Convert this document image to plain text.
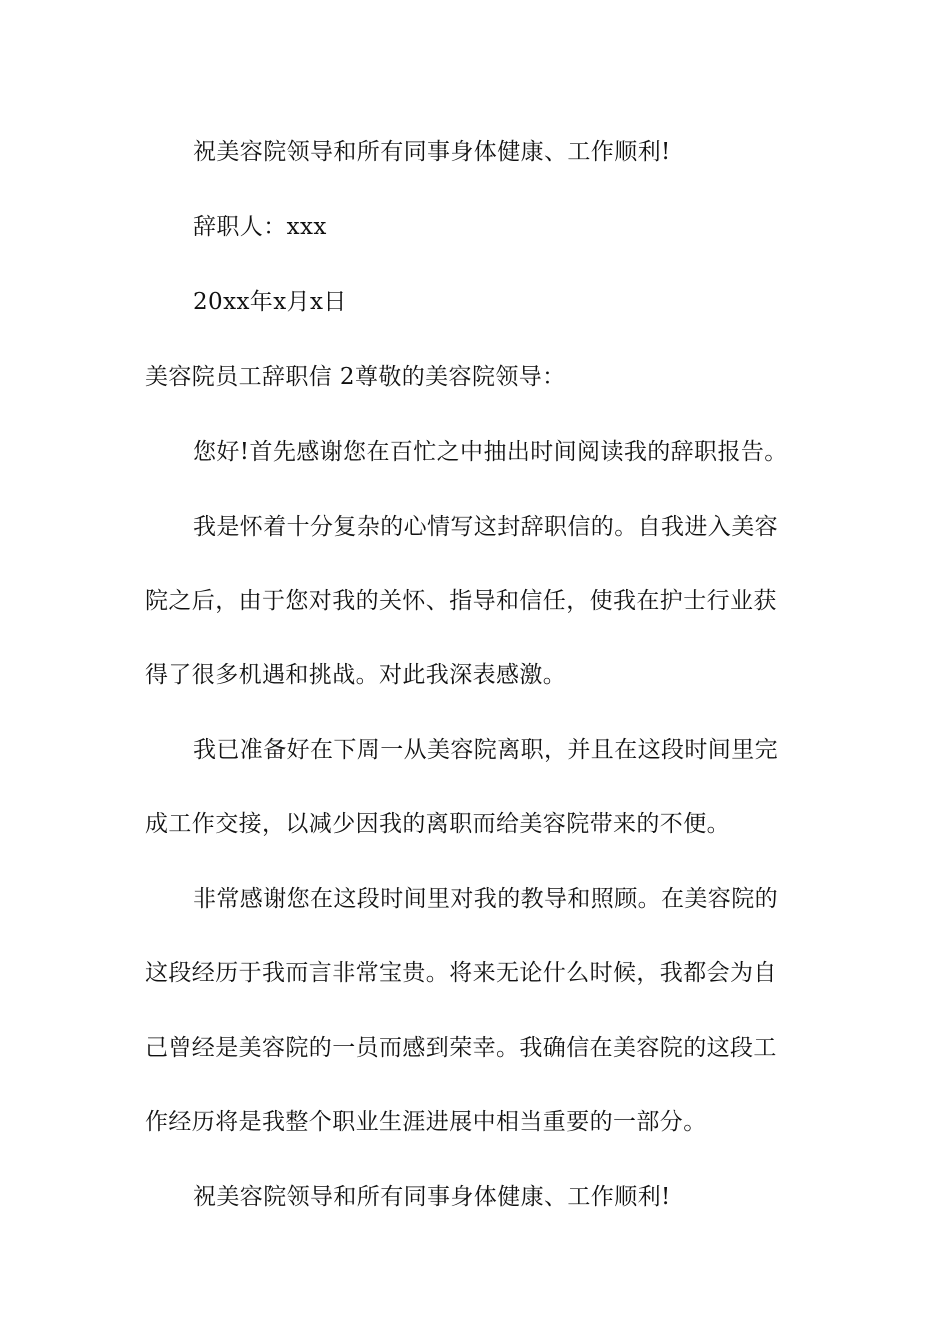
祝美容院领导和所有同事身体健康、工作顺利!
辞职人：xxx
20xx年x月x日
美容院员工辞职信 2尊敬的美容院领导：
您好!首先感谢您在百忙之中抽出时间阅读我的辞职报告。
我是怀着十分复杂的心情写这封辞职信的。自我进入美容
院之后，由于您对我的关怀、指导和信任，使我在护士行业获
得了很多机遇和挑战。对此我深表感激。
我已准备好在下周一从美容院离职，并且在这段时间里完
成工作交接，以减少因我的离职而给美容院带来的不便。
非常感谢您在这段时间里对我的教导和照顾。在美容院的
这段经历于我而言非常宝贵。将来无论什么时候，我都会为自
己曾经是美容院的一员而感到荣幸。我确信在美容院的这段工
作经历将是我整个职业生涯进展中相当重要的一部分。
祝美容院领导和所有同事身体健康、工作顺利!
